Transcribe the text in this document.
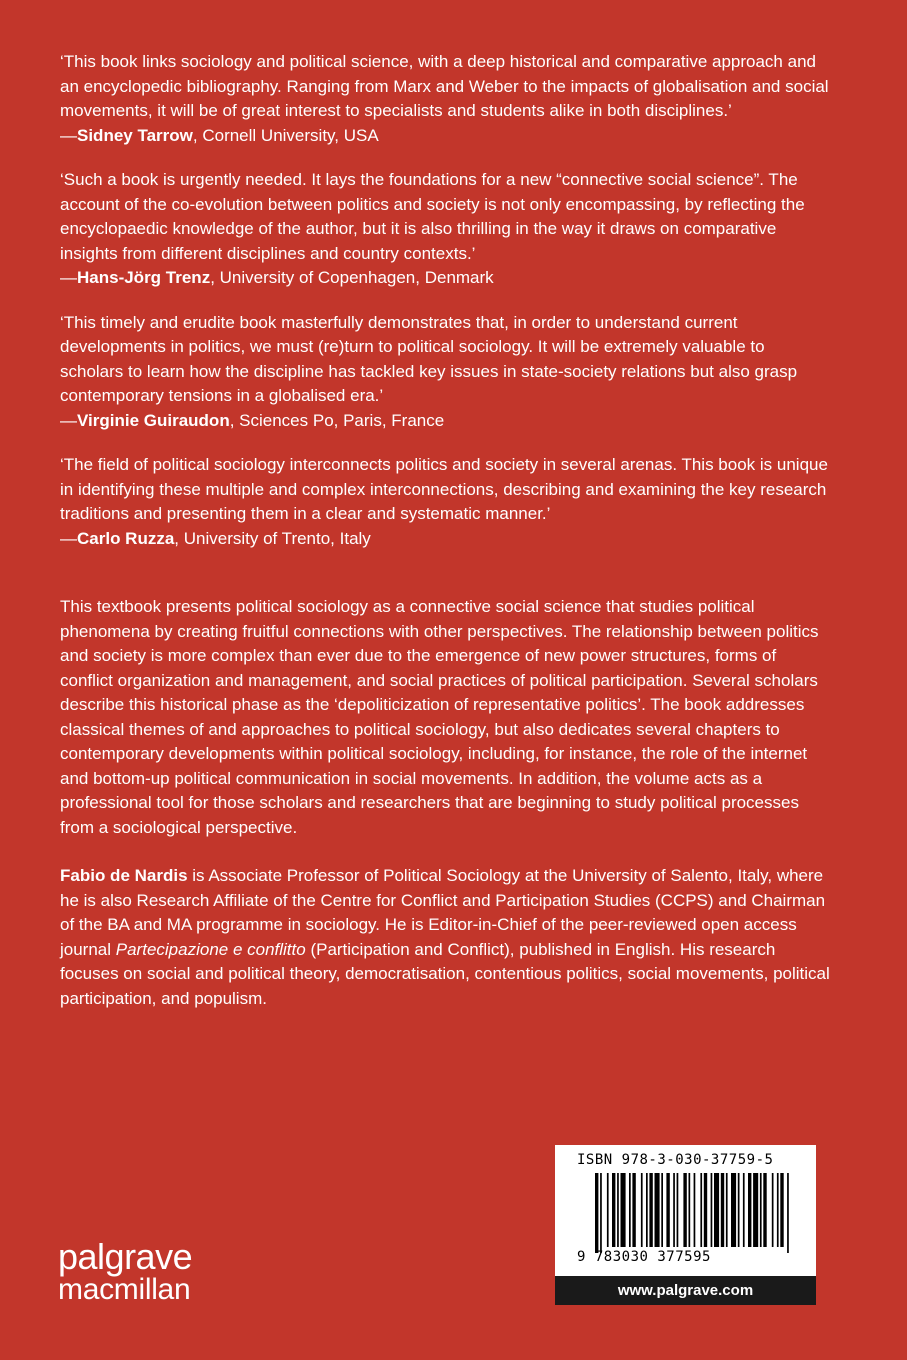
‘This book links sociology and political science, with a deep historical and comparative approach and an encyclopedic bibliography. Ranging from Marx and Weber to the impacts of globalisation and social movements, it will be of great interest to specialists and students alike in both disciplines.’

—Sidney Tarrow, Cornell University, USA

‘Such a book is urgently needed. It lays the foundations for a new “connective social science”. The account of the co-evolution between politics and society is not only encompassing, by reflecting the encyclopaedic knowledge of the author, but it is also thrilling in the way it draws on comparative insights from different disciplines and country contexts.’

—Hans-Jörg Trenz, University of Copenhagen, Denmark

‘This timely and erudite book masterfully demonstrates that, in order to understand current developments in politics, we must (re)turn to political sociology. It will be extremely valuable to scholars to learn how the discipline has tackled key issues in state-society relations but also grasp contemporary tensions in a globalised era.’

—Virginie Guiraudon, Sciences Po, Paris, France

‘The field of political sociology interconnects politics and society in several arenas. This book is unique in identifying these multiple and complex interconnections, describing and examining the key research traditions and presenting them in a clear and systematic manner.’

—Carlo Ruzza, University of Trento, Italy

This textbook presents political sociology as a connective social science that studies political phenomena by creating fruitful connections with other perspectives. The relationship between politics and society is more complex than ever due to the emergence of new power structures, forms of conflict organization and management, and social practices of political participation. Several scholars describe this historical phase as the ‘depoliticization of representative politics’. The book addresses classical themes of and approaches to political sociology, but also dedicates several chapters to contemporary developments within political sociology, including, for instance, the role of the internet and bottom-up political communication in social movements. In addition, the volume acts as a professional tool for those scholars and researchers that are beginning to study political processes from a sociological perspective.

Fabio de Nardis is Associate Professor of Political Sociology at the University of Salento, Italy, where he is also Research Affiliate of the Centre for Conflict and Participation Studies (CCPS) and Chairman of the BA and MA programme in sociology. He is Editor-in-Chief of the peer-reviewed open access journal Partecipazione e conflitto (Participation and Conflict), published in English. His research focuses on social and political theory, democratisation, contentious politics, social movements, political participation, and populism.

palgrave
macmillan
ISBN 978-3-030-37759-5
9 783030 377595
www.palgrave.com
